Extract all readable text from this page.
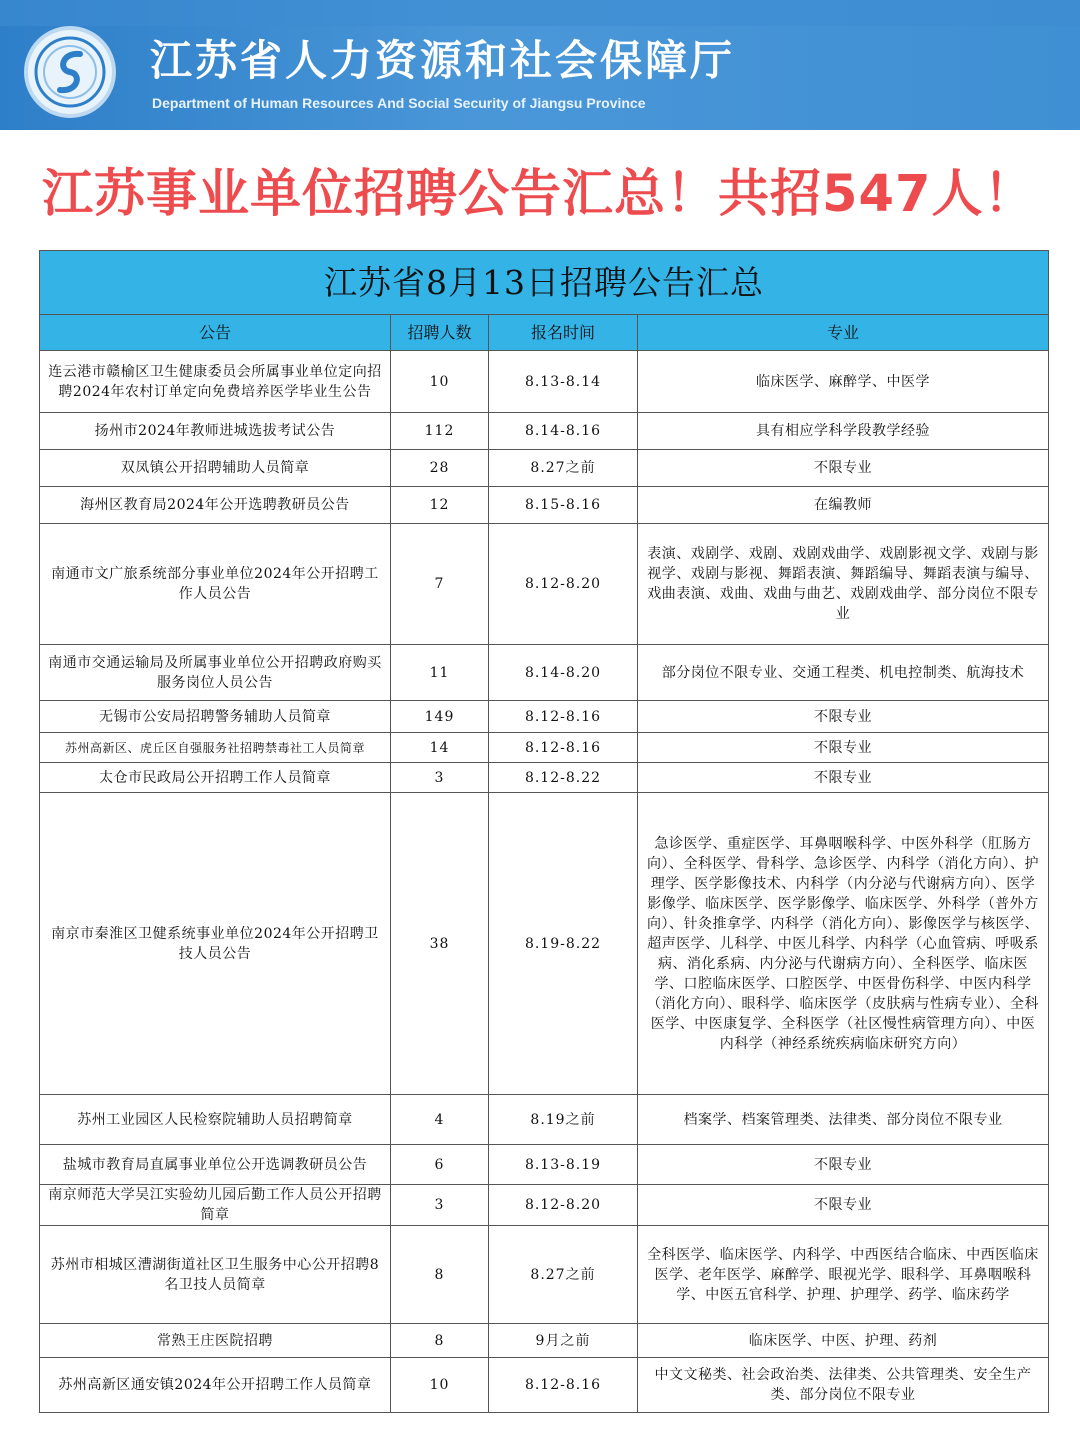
江苏省人力资源和社会保障厅
Department of Human Resources And Social Security of Jiangsu Province
江苏事业单位招聘公告汇总！共招547人！
江苏省8月13日招聘公告汇总			
公告	招聘人数	报名时间	专业
连云港市赣榆区卫生健康委员会所属事业单位定向招聘2024年农村订单定向免费培养医学毕业生公告	10	8.13-8.14	临床医学、麻醉学、中医学
扬州市2024年教师进城选拔考试公告	112	8.14-8.16	具有相应学科学段教学经验
双凤镇公开招聘辅助人员简章	28	8.27之前	不限专业
海州区教育局2024年公开选聘教研员公告	12	8.15-8.16	在编教师
南通市文广旅系统部分事业单位2024年公开招聘工作人员公告	7	8.12-8.20	表演、戏剧学、戏剧、戏剧戏曲学、戏剧影视文学、戏剧与影视学、戏剧与影视、舞蹈表演、舞蹈编导、舞蹈表演与编导、戏曲表演、戏曲、戏曲与曲艺、戏剧戏曲学、部分岗位不限专业
南通市交通运输局及所属事业单位公开招聘政府购买服务岗位人员公告	11	8.14-8.20	部分岗位不限专业、交通工程类、机电控制类、航海技术
无锡市公安局招聘警务辅助人员简章	149	8.12-8.16	不限专业
苏州高新区、虎丘区自强服务社招聘禁毒社工人员简章	14	8.12-8.16	不限专业
太仓市民政局公开招聘工作人员简章	3	8.12-8.22	不限专业
南京市秦淮区卫健系统事业单位2024年公开招聘卫技人员公告	38	8.19-8.22	急诊医学、重症医学、耳鼻咽喉科学、中医外科学（肛肠方向）、全科医学、骨科学、急诊医学、内科学（消化方向）、护理学、医学影像技术、内科学（内分泌与代谢病方向）、医学影像学、临床医学、医学影像学、临床医学、外科学（普外方向）、针灸推拿学、内科学（消化方向）、影像医学与核医学、超声医学、儿科学、中医儿科学、内科学（心血管病、呼吸系病、消化系病、内分泌与代谢病方向）、全科医学、临床医学、口腔临床医学、口腔医学、中医骨伤科学、中医内科学（消化方向）、眼科学、临床医学（皮肤病与性病专业）、全科医学、中医康复学、全科医学（社区慢性病管理方向）、中医内科学（神经系统疾病临床研究方向）
苏州工业园区人民检察院辅助人员招聘简章	4	8.19之前	档案学、档案管理类、法律类、部分岗位不限专业
盐城市教育局直属事业单位公开选调教研员公告	6	8.13-8.19	不限专业
南京师范大学吴江实验幼儿园后勤工作人员公开招聘简章	3	8.12-8.20	不限专业
苏州市相城区漕湖街道社区卫生服务中心公开招聘8名卫技人员简章	8	8.27之前	全科医学、临床医学、内科学、中西医结合临床、中西医临床医学、老年医学、麻醉学、眼视光学、眼科学、耳鼻咽喉科学、中医五官科学、护理、护理学、药学、临床药学
常熟王庄医院招聘	8	9月之前	临床医学、中医、护理、药剂
苏州高新区通安镇2024年公开招聘工作人员简章	10	8.12-8.16	中文文秘类、社会政治类、法律类、公共管理类、安全生产类、部分岗位不限专业
